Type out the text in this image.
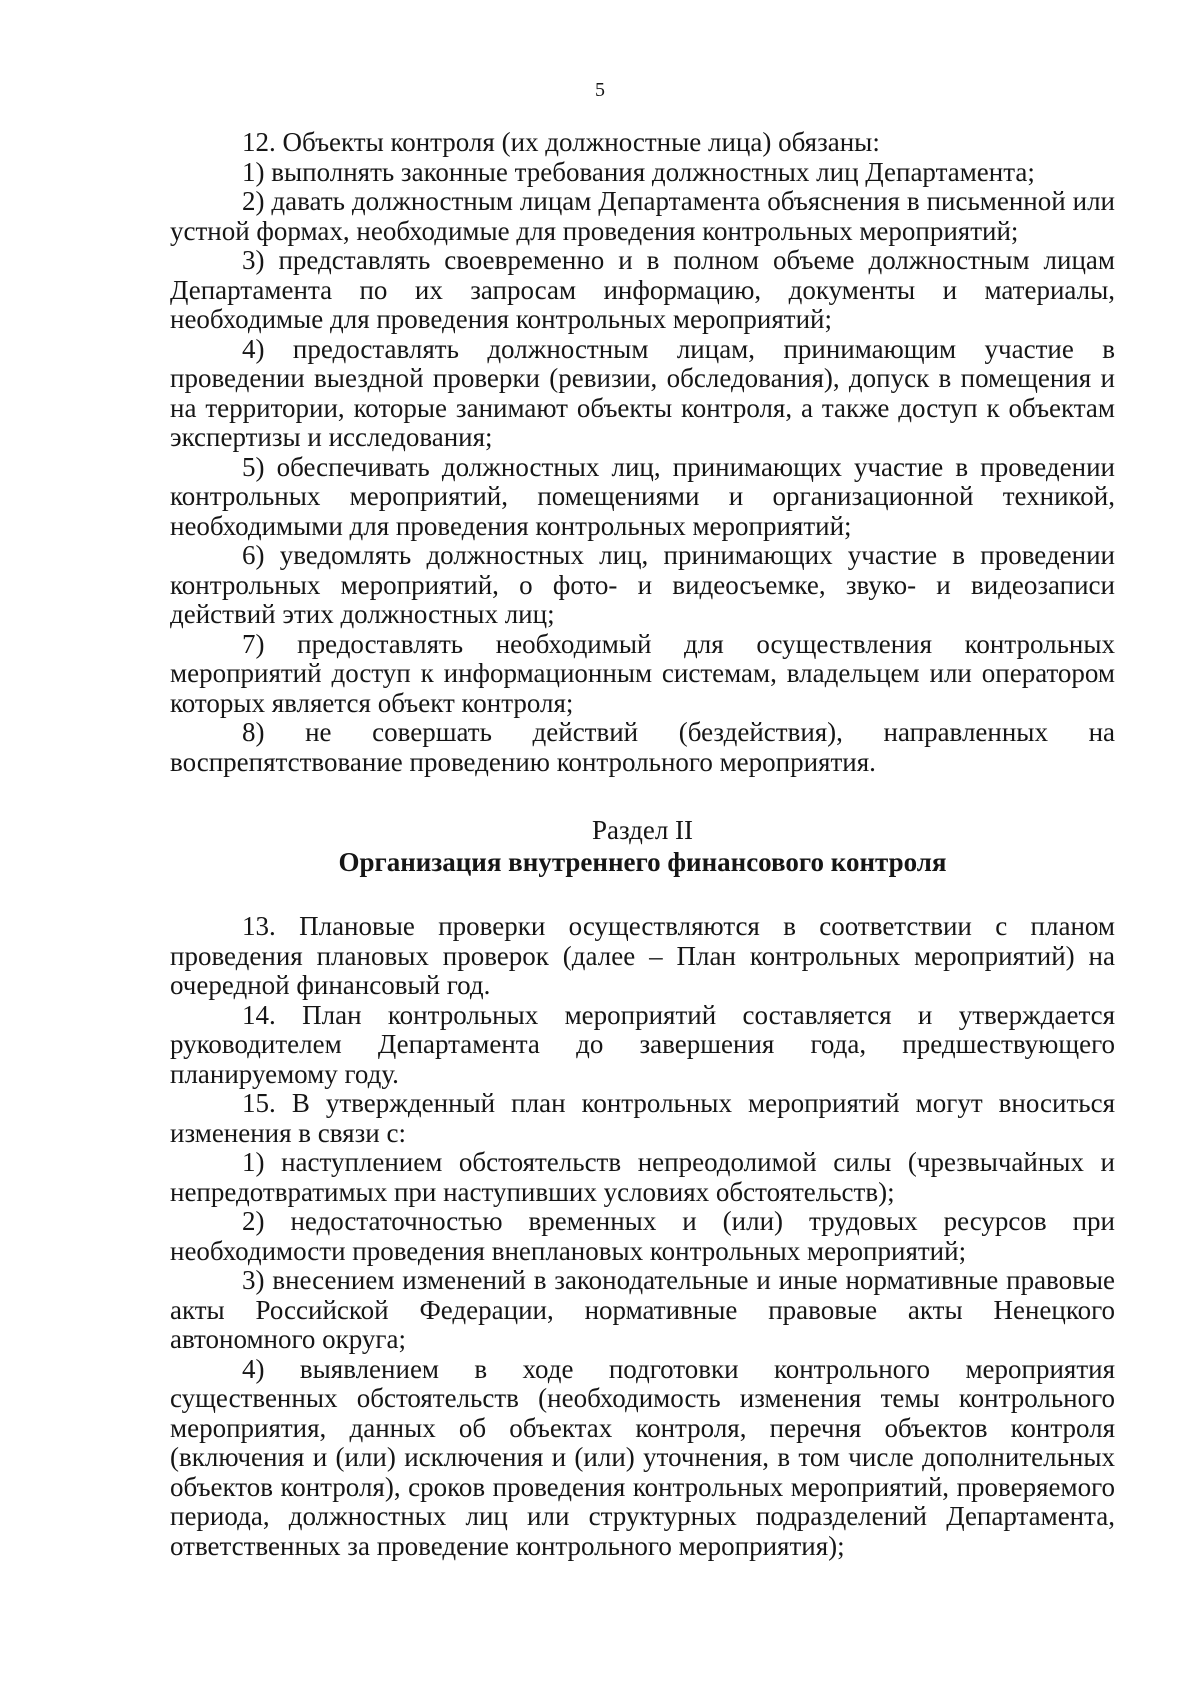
5

12. Объекты контроля (их должностные лица) обязаны:

1) выполнять законные требования должностных лиц Департамента;

2) давать должностным лицам Департамента объяснения в письменной или устной формах, необходимые для проведения контрольных мероприятий;

3) представлять своевременно и в полном объеме должностным лицам Департамента по их запросам информацию, документы и материалы, необходимые для проведения контрольных мероприятий;

4) предоставлять должностным лицам, принимающим участие в проведении выездной проверки (ревизии, обследования), допуск в помещения и на территории, которые занимают объекты контроля, а также доступ к объектам экспертизы и исследования;

5) обеспечивать должностных лиц, принимающих участие в проведении контрольных мероприятий, помещениями и организационной техникой, необходимыми для проведения контрольных мероприятий;

6) уведомлять должностных лиц, принимающих участие в проведении контрольных мероприятий, о фото- и видеосъемке, звуко- и видеозаписи действий этих должностных лиц;

7) предоставлять необходимый для осуществления контрольных мероприятий доступ к информационным системам, владельцем или оператором которых является объект контроля;

8) не совершать действий (бездействия), направленных на воспрепятствование проведению контрольного мероприятия.

Раздел II

Организация внутреннего финансового контроля

13. Плановые проверки осуществляются в соответствии с планом проведения плановых проверок (далее – План контрольных мероприятий) на очередной финансовый год.

14. План контрольных мероприятий составляется и утверждается руководителем Департамента до завершения года, предшествующего планируемому году.

15. В утвержденный план контрольных мероприятий могут вноситься изменения в связи с:

1) наступлением обстоятельств непреодолимой силы (чрезвычайных и непредотвратимых при наступивших условиях обстоятельств);

2) недостаточностью временных и (или) трудовых ресурсов при необходимости проведения внеплановых контрольных мероприятий;

3) внесением изменений в законодательные и иные нормативные правовые акты Российской Федерации, нормативные правовые акты Ненецкого автономного округа;

4) выявлением в ходе подготовки контрольного мероприятия существенных обстоятельств (необходимость изменения темы контрольного мероприятия, данных об объектах контроля, перечня объектов контроля (включения и (или) исключения и (или) уточнения, в том числе дополнительных объектов контроля), сроков проведения контрольных мероприятий, проверяемого периода, должностных лиц или структурных подразделений Департамента, ответственных за проведение контрольного мероприятия);
